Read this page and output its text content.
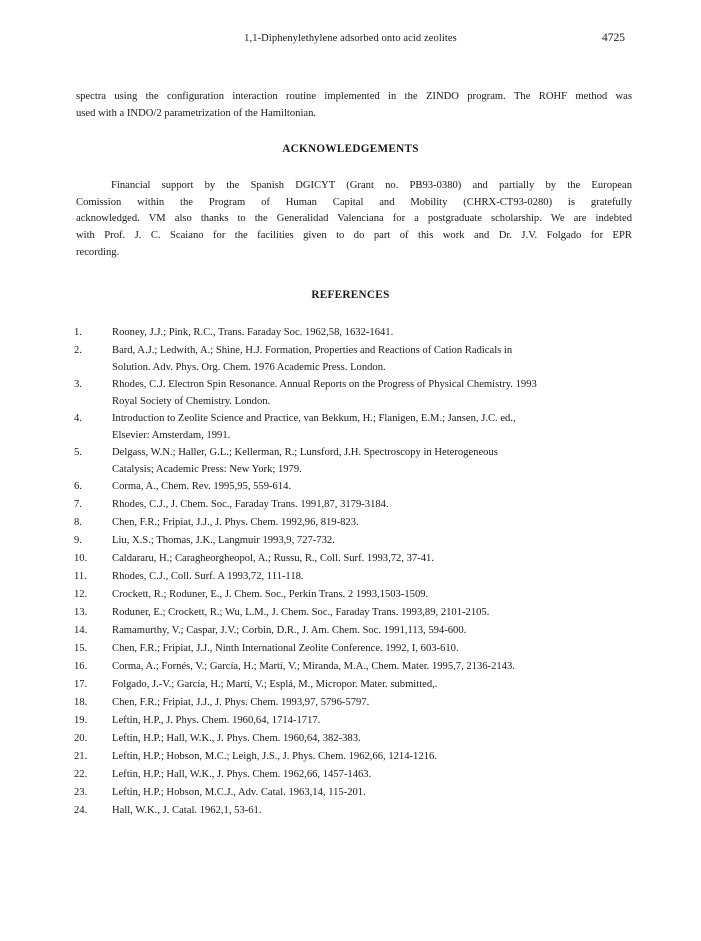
1,1-Diphenylethylene adsorbed onto acid zeolites	4725
spectra using the configuration interaction routine implemented in the ZINDO program. The ROHF method was
used with a INDO/2 parametrization of the Hamiltonian.
ACKNOWLEDGEMENTS
Financial support by the Spanish DGICYT (Grant no. PB93-0380) and partially by the European
Comission within the Program of Human Capital and Mobility (CHRX-CT93-0280) is gratefully
acknowledged. VM also thanks to the Generalidad Valenciana for a postgraduate scholarship. We are indebted
with Prof. J. C. Scaiano for the facilities given to do part of this work and Dr. J.V. Folgado for EPR
recording.
REFERENCES
1.	Rooney, J.J.; Pink, R.C., Trans. Faraday Soc. 1962,58, 1632-1641.
2.	Bard, A.J.; Ledwith, A.; Shine, H.J. Formation, Properties and Reactions of Cation Radicals in
Solution. Adv. Phys. Org. Chem. 1976 Academic Press. London.
3.	Rhodes, C.J. Electron Spin Resonance. Annual Reports on the Progress of Physical Chemistry. 1993
Royal Society of Chemistry. London.
4.	Introduction to Zeolite Science and Practice, van Bekkum, H.; Flanigen, E.M.; Jansen, J.C. ed.,
Elsevier: Amsterdam, 1991.
5.	Delgass, W.N.; Haller, G.L.; Kellerman, R.; Lunsford, J.H. Spectroscopy in Heterogeneous
Catalysis; Academic Press: New York; 1979.
6.	Corma, A., Chem. Rev. 1995,95, 559-614.
7.	Rhodes, C.J., J. Chem. Soc., Faraday Trans. 1991,87, 3179-3184.
8.	Chen, F.R.; Fripiat, J.J., J. Phys. Chem. 1992,96, 819-823.
9.	Liu, X.S.; Thomas, J.K., Langmuir 1993,9, 727-732.
10.	Caldararu, H.; Caragheorgheopol, A.; Russu, R., Coll. Surf. 1993,72, 37-41.
11.	Rhodes, C.J., Coll. Surf. A 1993,72, 111-118.
12.	Crockett, R.; Roduner, E., J. Chem. Soc., Perkin Trans. 2 1993,1503-1509.
13.	Roduner, E.; Crockett, R.; Wu, L.M., J. Chem. Soc., Faraday Trans. 1993,89, 2101-2105.
14.	Ramamurthy, V.; Caspar, J.V.; Corbin, D.R., J. Am. Chem. Soc. 1991,113, 594-600.
15.	Chen, F.R.; Fripiat, J.J., Ninth International Zeolite Conference. 1992, I, 603-610.
16.	Corma, A.; Fornés, V.; García, H.; Martí, V.; Miranda, M.A., Chem. Mater. 1995,7, 2136-2143.
17.	Folgado, J.-V.; García, H.; Martí, V.; Esplá, M., Micropor. Mater. submitted,.
18.	Chen, F.R.; Fripiat, J.J., J. Phys. Chem. 1993,97, 5796-5797.
19.	Leftin, H.P., J. Phys. Chem. 1960,64, 1714-1717.
20.	Leftin, H.P.; Hall, W.K., J. Phys. Chem. 1960,64, 382-383.
21.	Leftin, H.P.; Hobson, M.C.; Leigh, J.S., J. Phys. Chem. 1962,66, 1214-1216.
22.	Leftin, H.P.; Hall, W.K., J. Phys. Chem. 1962,66, 1457-1463.
23.	Leftin, H.P.; Hobson, M.C.J., Adv. Catal. 1963,14, 115-201.
24.	Hall, W.K., J. Catal. 1962,1, 53-61.
